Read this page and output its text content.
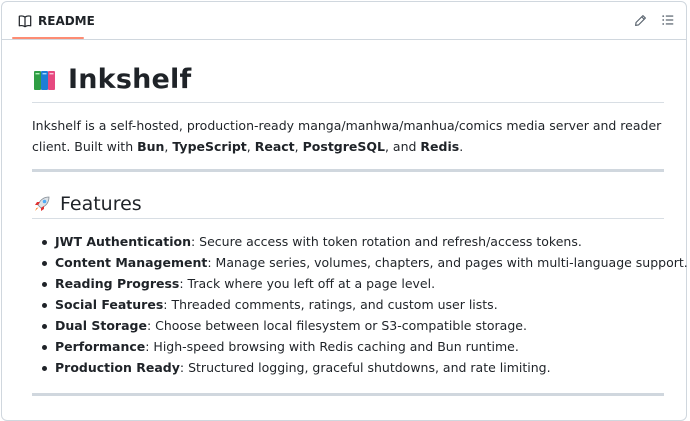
README
Inkshelf
Inkshelf is a self-hosted, production-ready manga/manhwa/manhua/comics media server and reader client. Built with Bun, TypeScript, React, PostgreSQL, and Redis.
Features
JWT Authentication: Secure access with token rotation and refresh/access tokens.
Content Management: Manage series, volumes, chapters, and pages with multi-language support.
Reading Progress: Track where you left off at a page level.
Social Features: Threaded comments, ratings, and custom user lists.
Dual Storage: Choose between local filesystem or S3-compatible storage.
Performance: High-speed browsing with Redis caching and Bun runtime.
Production Ready: Structured logging, graceful shutdowns, and rate limiting.
